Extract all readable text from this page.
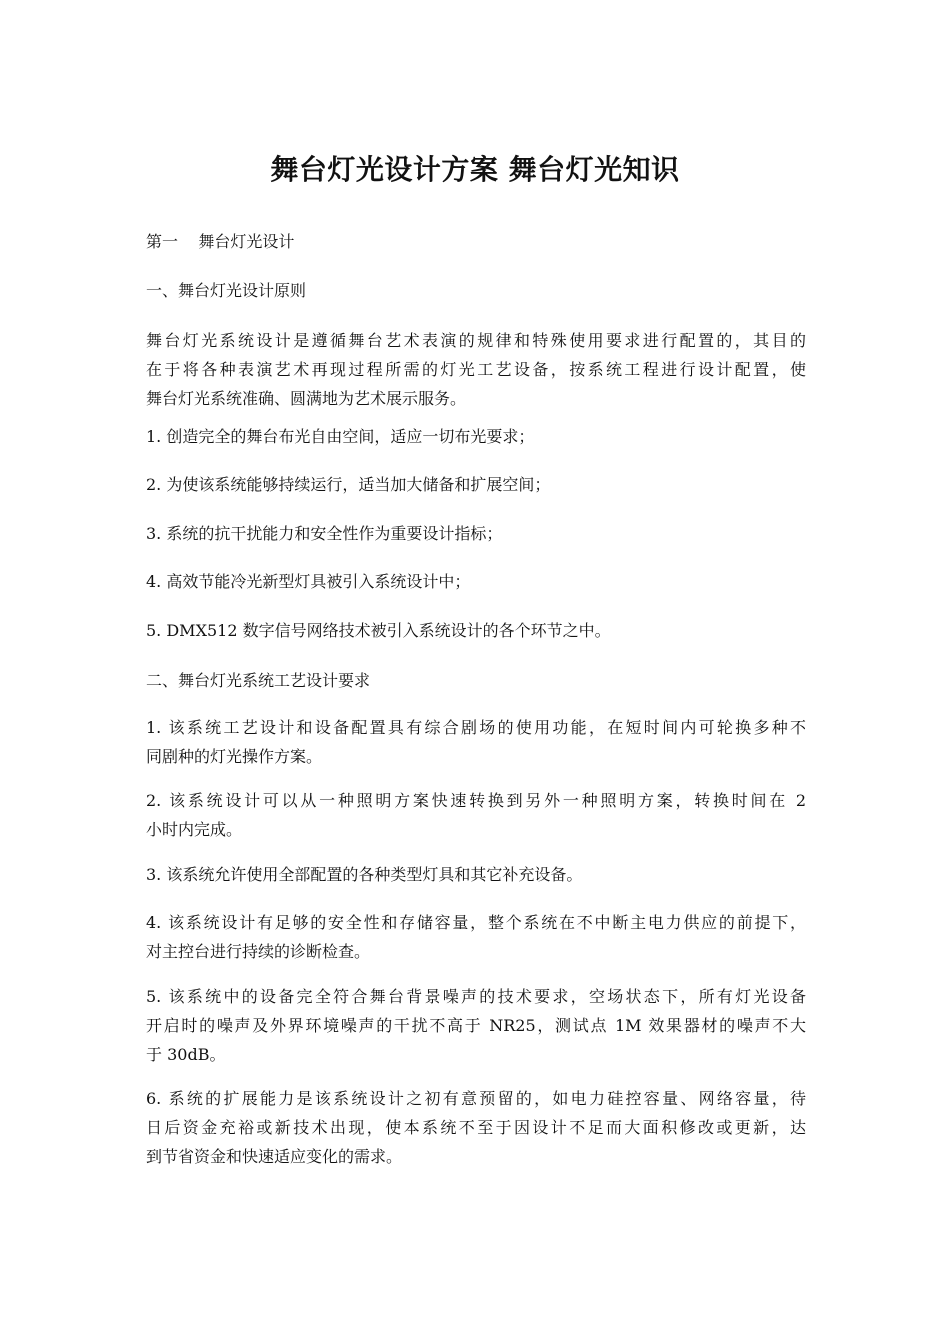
舞台灯光设计方案 舞台灯光知识
第一    舞台灯光设计
一、舞台灯光设计原则
舞台灯光系统设计是遵循舞台艺术表演的规律和特殊使用要求进行配置的，其目的
在于将各种表演艺术再现过程所需的灯光工艺设备，按系统工程进行设计配置，使
舞台灯光系统准确、圆满地为艺术展示服务。
1. 创造完全的舞台布光自由空间，适应一切布光要求；
2. 为使该系统能够持续运行，适当加大储备和扩展空间；
3. 系统的抗干扰能力和安全性作为重要设计指标；
4. 高效节能冷光新型灯具被引入系统设计中；
5. DMX512 数字信号网络技术被引入系统设计的各个环节之中。
二、舞台灯光系统工艺设计要求
1. 该系统工艺设计和设备配置具有综合剧场的使用功能，在短时间内可轮换多种不
同剧种的灯光操作方案。
2. 该系统设计可以从一种照明方案快速转换到另外一种照明方案，转换时间在 2
小时内完成。
3. 该系统允许使用全部配置的各种类型灯具和其它补充设备。
4. 该系统设计有足够的安全性和存储容量，整个系统在不中断主电力供应的前提下，
对主控台进行持续的诊断检查。
5. 该系统中的设备完全符合舞台背景噪声的技术要求，空场状态下，所有灯光设备
开启时的噪声及外界环境噪声的干扰不高于 NR25，测试点 1M 效果器材的噪声不大
于 30dB。
6. 系统的扩展能力是该系统设计之初有意预留的，如电力硅控容量、网络容量，待
日后资金充裕或新技术出现，使本系统不至于因设计不足而大面积修改或更新，达
到节省资金和快速适应变化的需求。
